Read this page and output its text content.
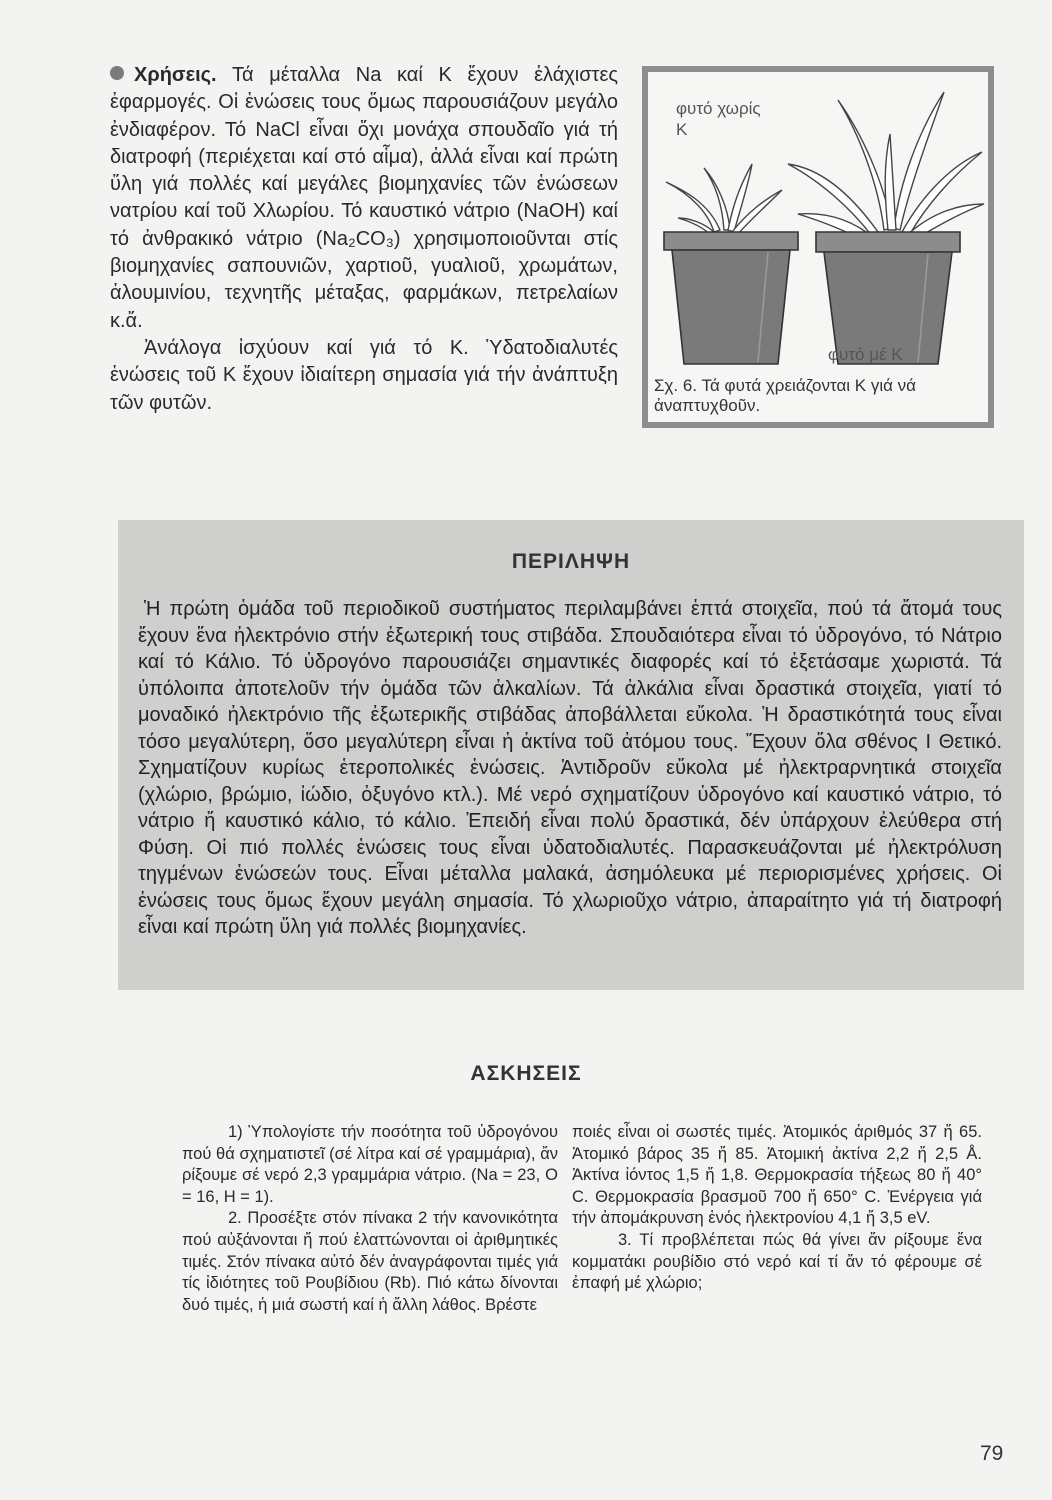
Χρήσεις. Τά μέταλλα Na καί K ἔχουν ἐλάχιστες ἐφαρμογές. Οἱ ἑνώσεις τους ὅμως παρουσιάζουν μεγάλο ἐνδιαφέρον. Τό NaCl εἶναι ὄχι μονάχα σπουδαῖο γιά τή διατροφή (περιέχεται καί στό αἷμα), ἀλλά εἶναι καί πρώτη ὕλη γιά πολλές καί μεγάλες βιομηχανίες τῶν ἑνώσεων νατρίου καί τοῦ Χλωρίου. Τό καυστικό νάτριο (NaOH) καί τό ἀνθρακικό νάτριο (Na₂CO₃) χρησιμοποιοῦνται στίς βιομηχανίες σαπουνιῶν, χαρτιοῦ, γυαλιοῦ, χρωμάτων, ἀλουμινίου, τεχνητῆς μέταξας, φαρμάκων, πετρελαίων κ.ἄ.

Ἀνάλογα ἰσχύουν καί γιά τό K. Ὑδατοδιαλυτές ἑνώσεις τοῦ K ἔχουν ἰδιαίτερη σημασία γιά τήν ἀνάπτυξη τῶν φυτῶν.

φυτό χωρίς K
φυτό μέ K
Σχ. 6. Τά φυτά χρειάζονται K γιά νά ἀναπτυχθοῦν.
ΠΕΡΙΛΗΨΗ

Ἡ πρώτη ὁμάδα τοῦ περιοδικοῦ συστήματος περιλαμβάνει ἑπτά στοιχεῖα, πού τά ἄτομά τους ἔχουν ἕνα ἠλεκτρόνιο στήν ἐξωτερική τους στιβάδα. Σπουδαιότερα εἶναι τό ὑδρογόνο, τό Νάτριο καί τό Κάλιο. Τό ὑδρογόνο παρουσιάζει σημαντικές διαφορές καί τό ἐξετάσαμε χωριστά. Τά ὑπόλοιπα ἀποτελοῦν τήν ὁμάδα τῶν ἀλκαλίων. Τά ἀλκάλια εἶναι δραστικά στοιχεῖα, γιατί τό μοναδικό ἠλεκτρόνιο τῆς ἐξωτερικῆς στιβάδας ἀποβάλλεται εὔκολα. Ἡ δραστικότητά τους εἶναι τόσο μεγαλύτερη, ὅσο μεγαλύτερη εἶναι ἡ ἀκτίνα τοῦ ἀτόμου τους. Ἔχουν ὅλα σθένος I Θετικό. Σχηματίζουν κυρίως ἑτεροπολικές ἑνώσεις. Ἀντιδροῦν εὔκολα μέ ἠλεκτραρνητικά στοιχεῖα (χλώριο, βρώμιο, ἰώδιο, ὀξυγόνο κτλ.). Μέ νερό σχηματίζουν ὑδρογόνο καί καυστικό νάτριο, τό νάτριο ἤ καυστικό κάλιο, τό κάλιο. Ἐπειδή εἶναι πολύ δραστικά, δέν ὑπάρχουν ἐλεύθερα στή Φύση. Οἱ πιό πολλές ἑνώσεις τους εἶναι ὑδατοδιαλυτές. Παρασκευάζονται μέ ἠλεκτρόλυση τηγμένων ἑνώσεών τους. Εἶναι μέταλλα μαλακά, ἀσημόλευκα μέ περιορισμένες χρήσεις. Οἱ ἑνώσεις τους ὅμως ἔχουν μεγάλη σημασία. Τό χλωριοῦχο νάτριο, ἀπαραίτητο γιά τή διατροφή εἶναι καί πρώτη ὕλη γιά πολλές βιομηχανίες.

ΑΣΚΗΣΕΙΣ

1) Ὑπολογίστε τήν ποσότητα τοῦ ὑδρογόνου πού θά σχηματιστεῖ (σέ λίτρα καί σέ γραμμάρια), ἄν ρίξουμε σέ νερό 2,3 γραμμάρια νάτριο. (Na = 23, O = 16, H = 1).

2. Προσέξτε στόν πίνακα 2 τήν κανονικότητα πού αὐξάνονται ἤ πού ἐλαττώνονται οἱ ἀριθμητικές τιμές. Στόν πίνακα αὐτό δέν ἀναγράφονται τιμές γιά τίς ἰδιότητες τοῦ Ρουβίδιου (Rb). Πιό κάτω δίνονται δυό τιμές, ἡ μιά σωστή καί ἡ ἄλλη λάθος. Βρέστε

ποιές εἶναι οἱ σωστές τιμές. Ἀτομικός ἀριθμός 37 ἤ 65. Ἀτομικό βάρος 35 ἤ 85. Ἀτομική ἀκτίνα 2,2 ἤ 2,5 Å. Ἀκτίνα ἰόντος 1,5 ἤ 1,8. Θερμοκρασία τήξεως 80 ἤ 40° C. Θερμοκρασία βρασμοῦ 700 ἤ 650° C. Ἐνέργεια γιά τήν ἀπομάκρυνση ἑνός ἠλεκτρονίου 4,1 ἤ 3,5 eV.

3. Τί προβλέπεται πώς θά γίνει ἄν ρίξουμε ἕνα κομματάκι ρουβίδιο στό νερό καί τί ἄν τό φέρουμε σέ ἐπαφή μέ χλώριο;

79
